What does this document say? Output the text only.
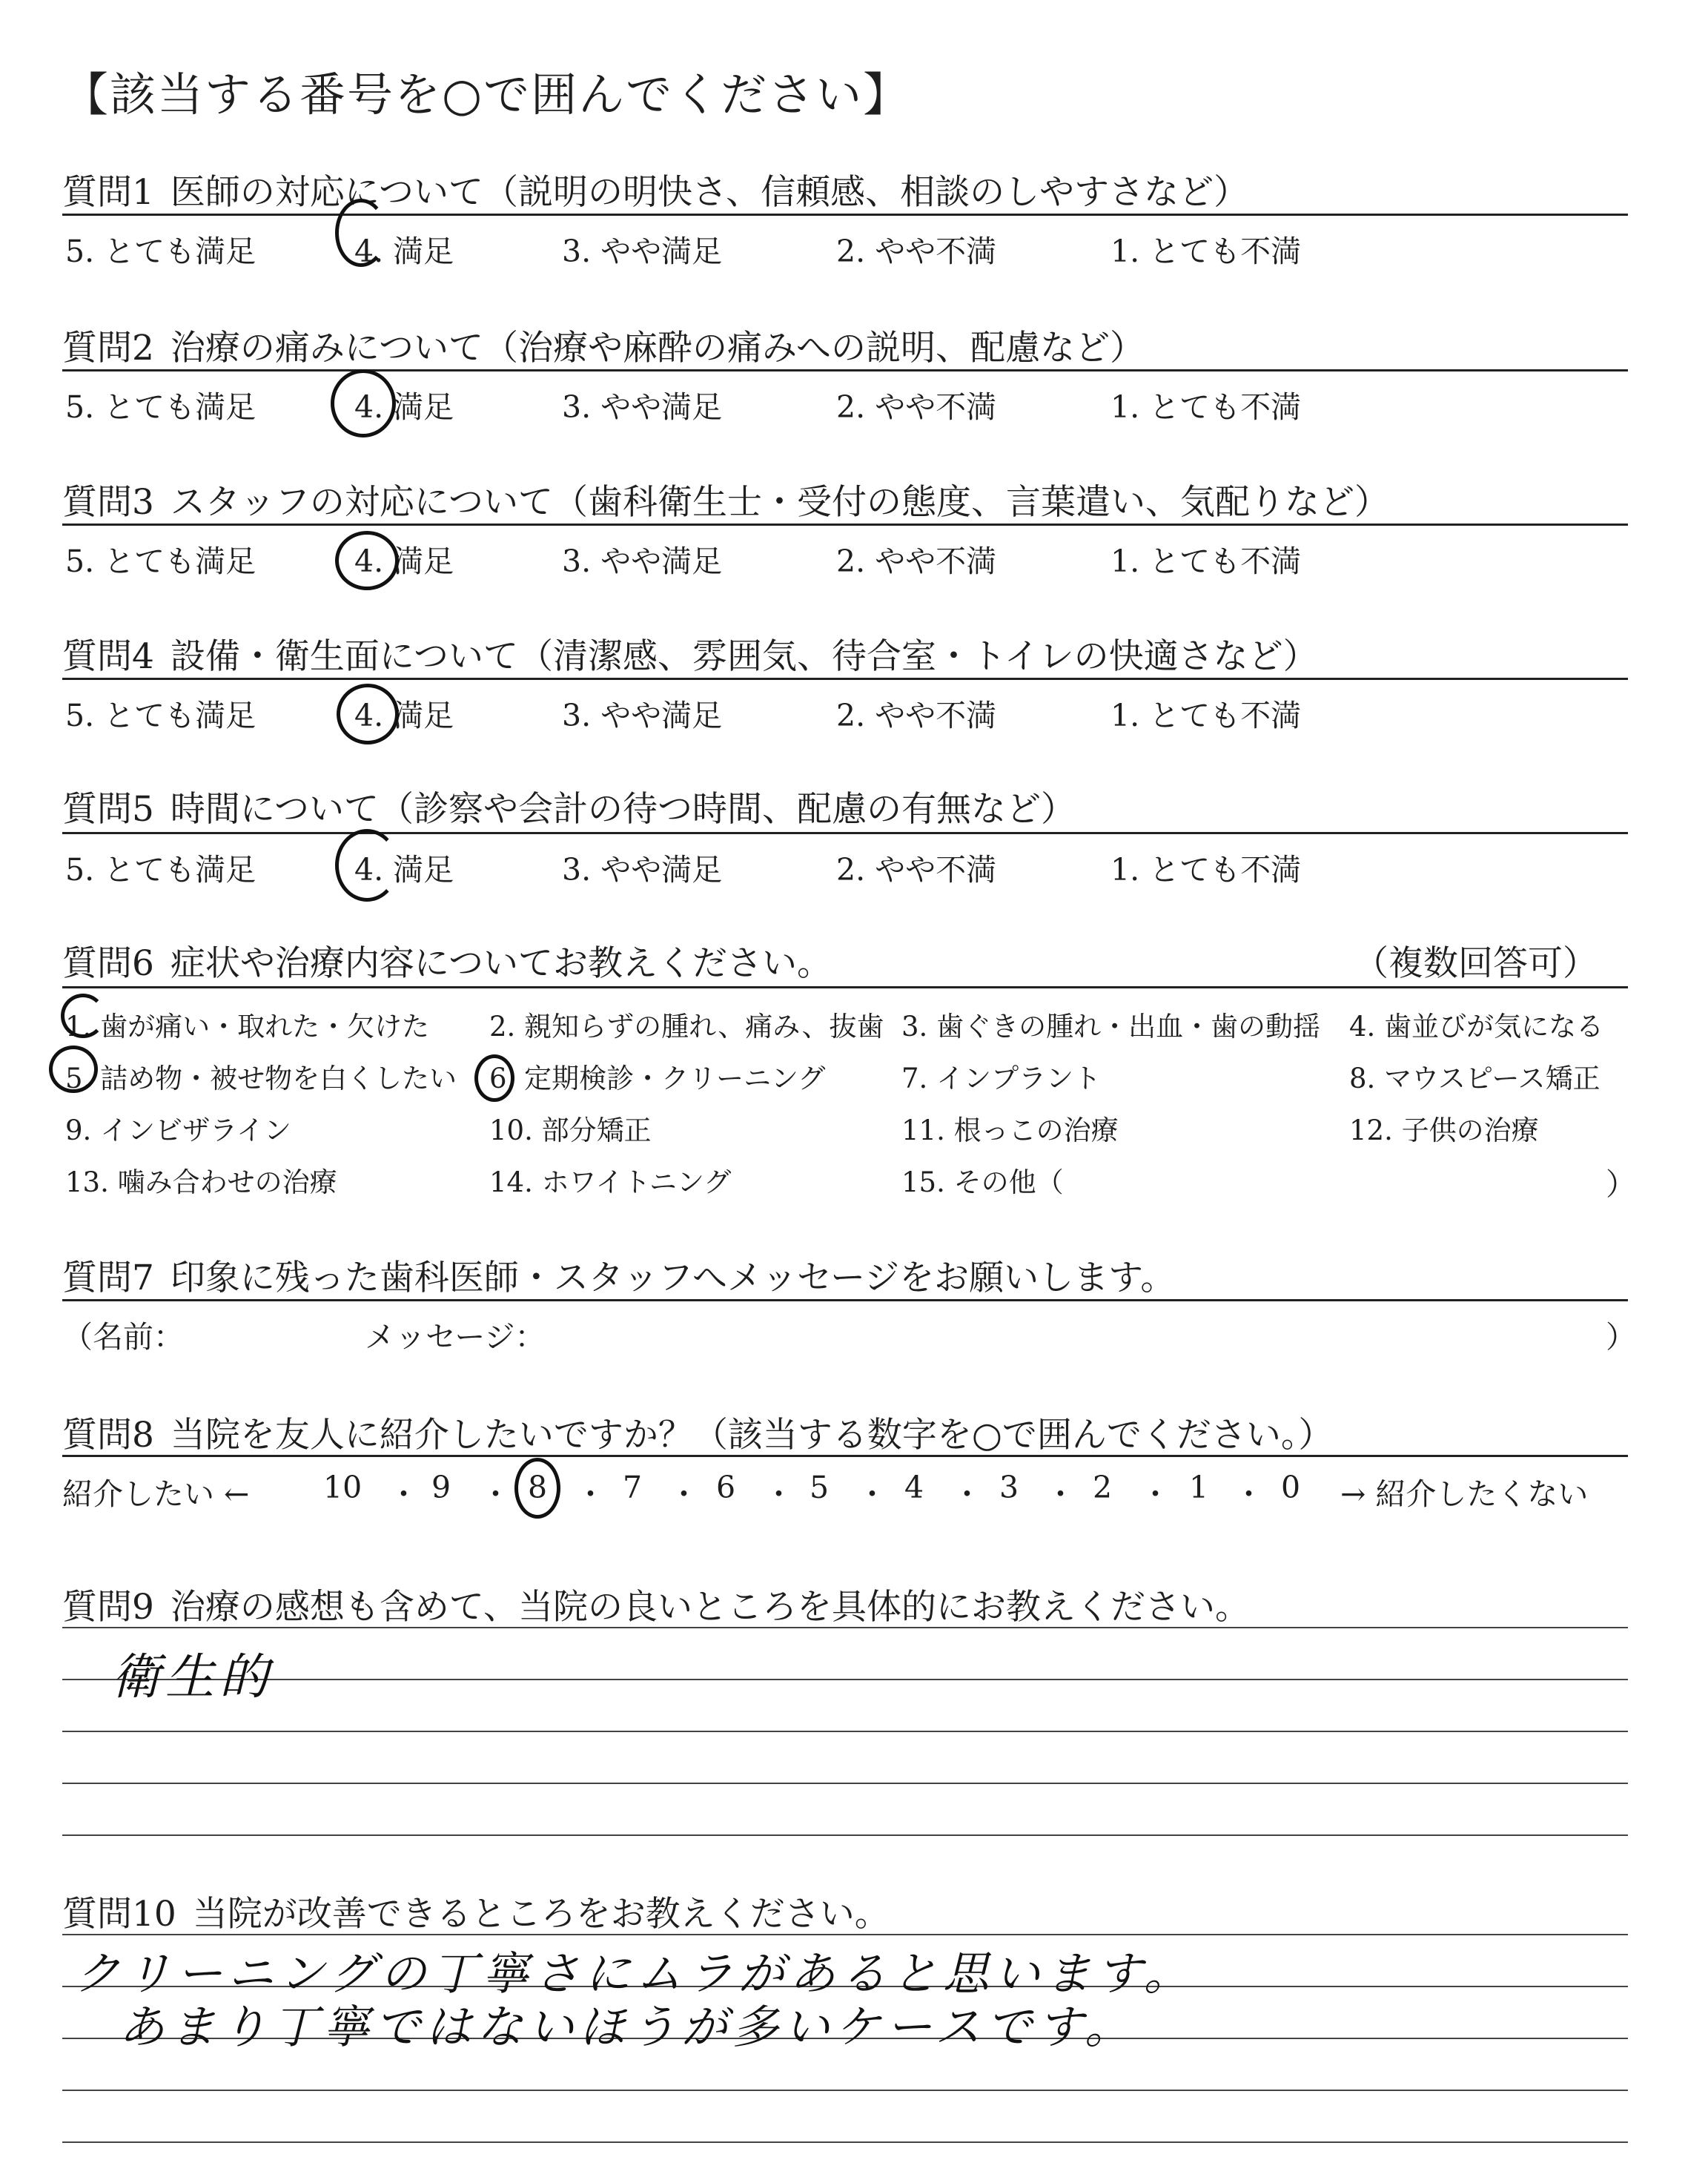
【該当する番号を○で囲んでください】
質問1 医師の対応について（説明の明快さ、信頼感、相談のしやすさなど）
5. とても満足	4. 満足	3. やや満足	2. やや不満	1. とても不満
質問2 治療の痛みについて（治療や麻酔の痛みへの説明、配慮など）
5. とても満足	4. 満足	3. やや満足	2. やや不満	1. とても不満
質問3 スタッフの対応について（歯科衛生士・受付の態度、言葉遣い、気配りなど）
5. とても満足	4. 満足	3. やや満足	2. やや不満	1. とても不満
質問4 設備・衛生面について（清潔感、雰囲気、待合室・トイレの快適さなど）
5. とても満足	4. 満足	3. やや満足	2. やや不満	1. とても不満
質問5 時間について（診察や会計の待つ時間、配慮の有無など）
5. とても満足	4. 満足	3. やや満足	2. やや不満	1. とても不満
質問6 症状や治療内容についてお教えください。	（複数回答可）
1. 歯が痛い・取れた・欠けた 2. 親知らずの腫れ、痛み、抜歯 3. 歯ぐきの腫れ・出血・歯の動揺 4. 歯並びが気になる
5. 詰め物・被せ物を白くしたい 6. 定期検診・クリーニング	7. インプラント	8. マウスピース矯正
9. インビザライン	10. 部分矯正	11. 根っこの治療	12. 子供の治療
13. 噛み合わせの治療	14. ホワイトニング	15. その他（	）
質問7 印象に残った歯科医師・スタッフへメッセージをお願いします。
（名前：	メッセージ：	）
質問8 当院を友人に紹介したいですか？（該当する数字を○で囲んでください。）
紹介したい ← 10 9	8 7 6 5 4 3 2	1 0
・ ・ ・ ・ ・ ・ ・ ・ ・ ・	→ 紹介したくない
質問9 治療の感想も含めて、当院の良いところを具体的にお教えください。
衛生的
質問10 当院が改善できるところをお教えください。
クリーニングの丁寧さにムラがあると思います。
あまり丁寧ではないほうが多いケースです。
